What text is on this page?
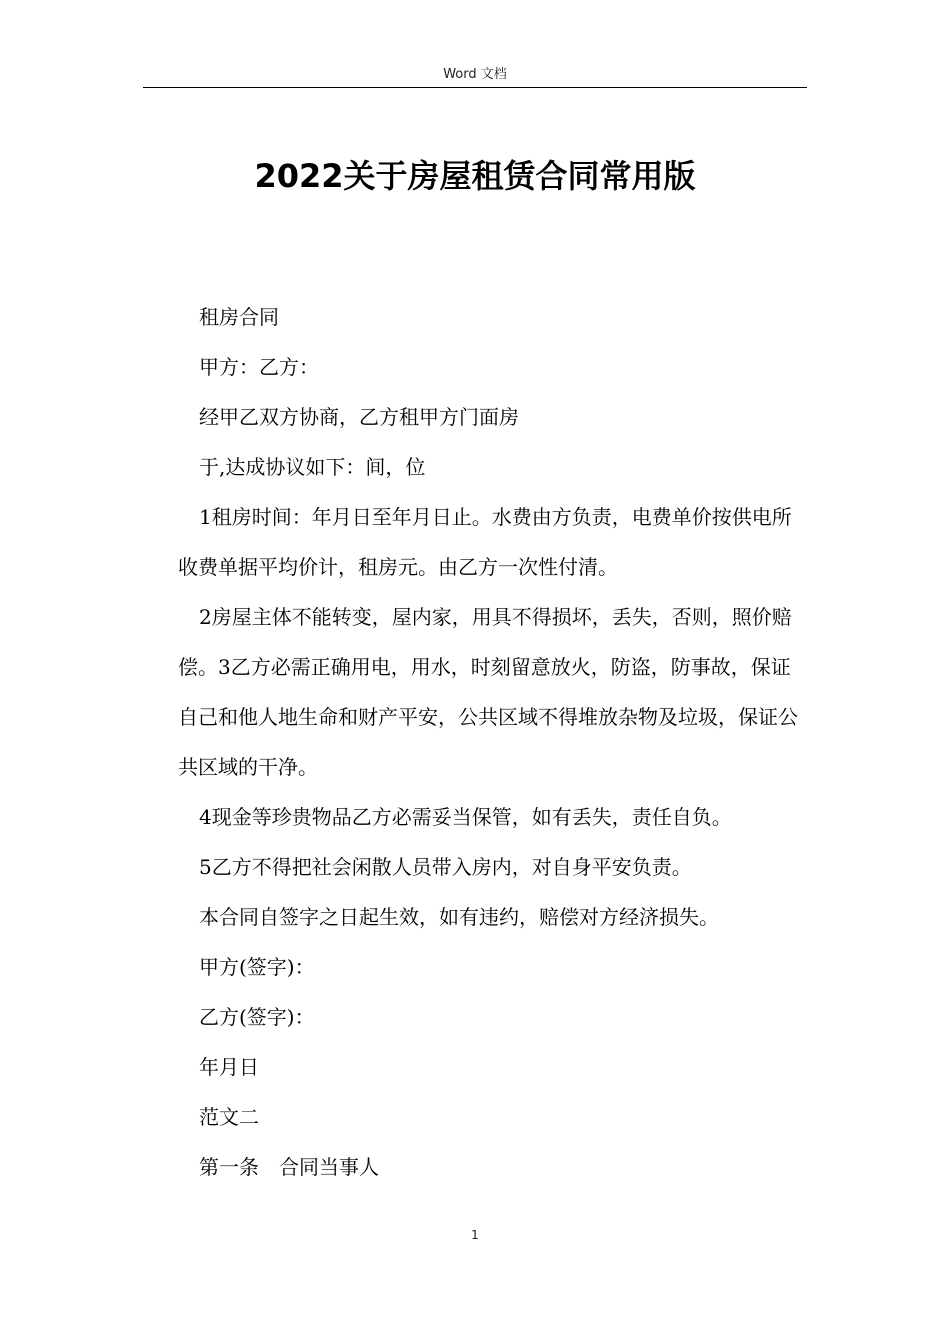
Word 文档
2022关于房屋租赁合同常用版

租房合同

甲方：乙方：

经甲乙双方协商，乙方租甲方门面房

于,达成协议如下：间，位

1租房时间：年月日至年月日止。水费由方负责，电费单价按供电所收费单据平均价计，租房元。由乙方一次性付清。

2房屋主体不能转变，屋内家，用具不得损坏，丢失，否则，照价赔偿。3乙方必需正确用电，用水，时刻留意放火，防盗，防事故，保证自己和他人地生命和财产平安，公共区域不得堆放杂物及垃圾，保证公共区域的干净。

4现金等珍贵物品乙方必需妥当保管，如有丢失，责任自负。

5乙方不得把社会闲散人员带入房内，对自身平安负责。

本合同自签字之日起生效，如有违约，赔偿对方经济损失。

甲方(签字)：

乙方(签字)：

年月日

范文二

第一条　合同当事人

1
